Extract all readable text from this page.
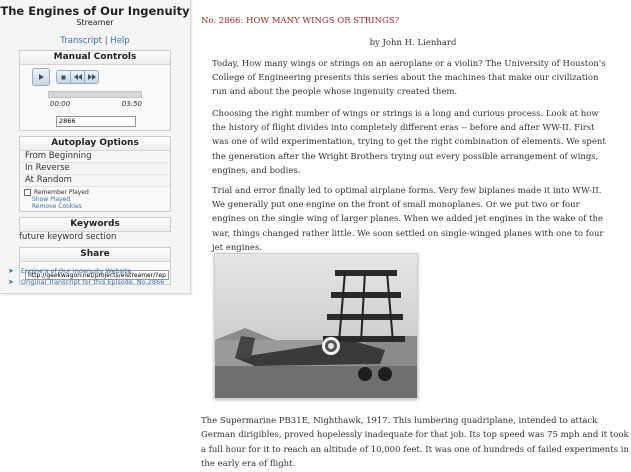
The Engines of Our Ingenuity
Streamer
Transcript | Help
Manual Controls
00:00	03:50
2866
Autoplay Options
From Beginning
In Reverse
At Random
Remember Played
Show Played
Remove Cookies
Keywords
future keyword section
Share
http://geekwagon.net/projects/eistreamer/?epi=
➤ Engine's of Our Ingenuity Website.
➤ Original Transcript for this Episode. No.2866
No. 2866: HOW MANY WINGS OR STRINGS?
by John H. Lienhard
Today, How many wings or strings on an aeroplane or a violin? The University of Houston's College of Engineering presents this series about the machines that make our civilization run and about the people whose ingenuity created them.
Choosing the right number of wings or strings is a long and curious process. Look at how the history of flight divides into completely different eras -- before and after WW-II. First was one of wild experimentation, trying to get the right combination of elements. We spent the generation after the Wright Brothers trying out every possible arrangement of wings, engines, and bodies.
Trial and error finally led to optimal airplane forms. Very few biplanes made it into WW-II. We generally put one engine on the front of small monoplanes. Or we put two or four engines on the single wing of larger planes. When we added jet engines in the wake of the war, things changed rather little. We soon settled on single-winged planes with one to four jet engines.
The Supermarine PB31E, Nighthawk, 1917. This lumbering quadriplane, intended to attack German dirigibles, proved hopelessly inadequate for that job. Its top speed was 75 mph and it took a full hour for it to reach an altitude of 10,000 feet. It was one of hundreds of failed experiments in the early era of flight.
